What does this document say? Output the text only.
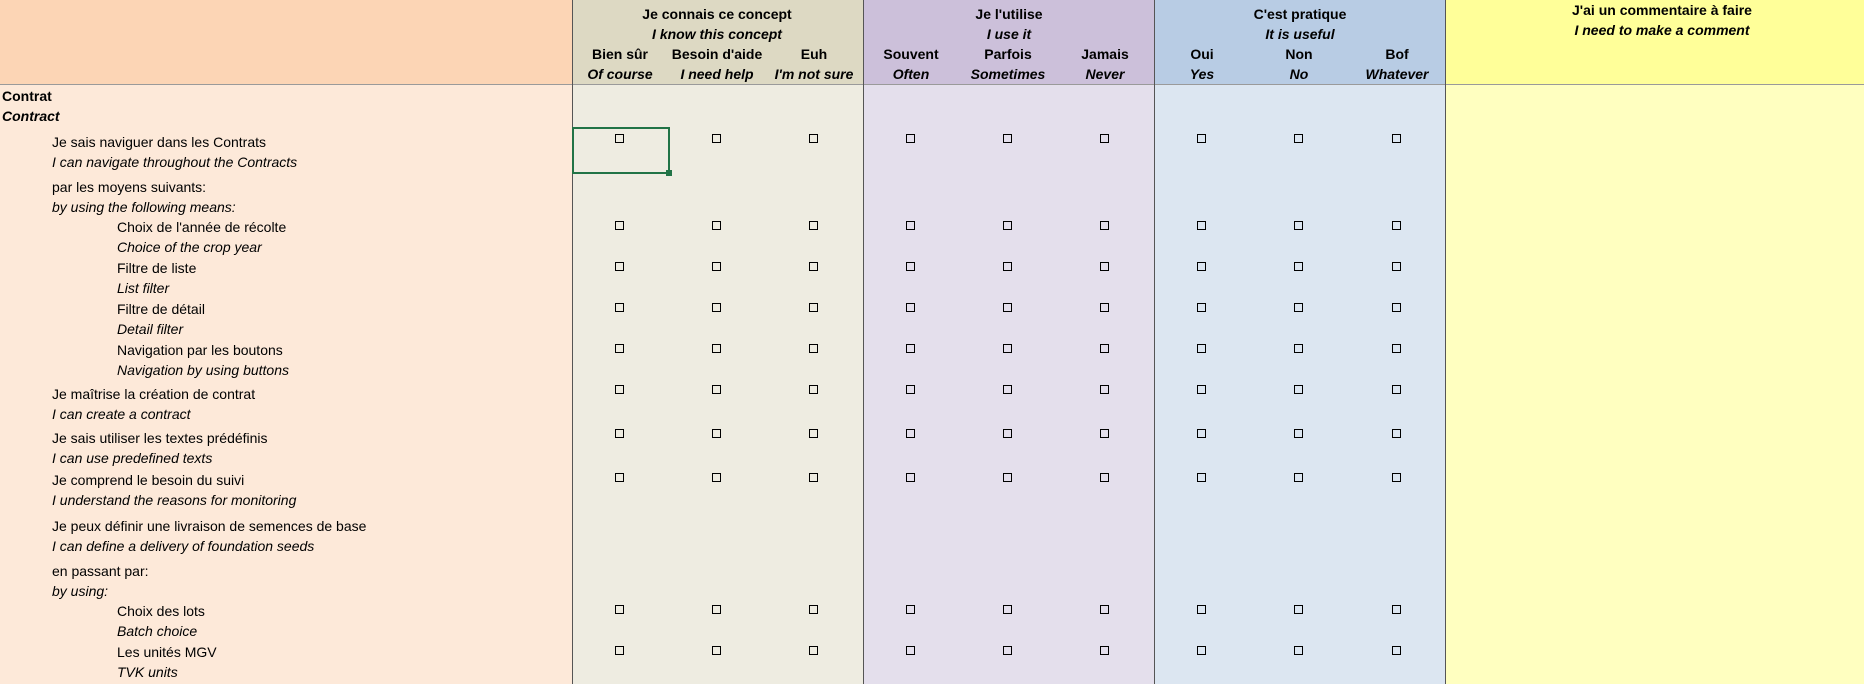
Je connais ce concept
I know this concept
Je l'utilise
I use it
C'est pratique
It is useful
J'ai un commentaire à faire
I need to make a comment
Bien sûr
Of course
Besoin d'aide
I need help
Euh
I'm not sure
Souvent
Often
Parfois
Sometimes
Jamais
Never
Oui
Yes
Non
No
Bof
Whatever
Contrat
Contract
Je sais naviguer dans les Contrats
I can navigate throughout the Contracts
par les moyens suivants:
by using the following means:
Choix de l'année de récolte
Choice of the crop year
Filtre de liste
List filter
Filtre de détail
Detail filter
Navigation par les boutons
Navigation by using buttons
Je maîtrise la création de contrat
I can create a contract
Je sais utiliser les textes prédéfinis
I can use predefined texts
Je comprend le besoin du suivi
I understand the reasons for monitoring
Je peux définir une livraison de semences de base
I can define a delivery of foundation seeds
en passant par:
by using:
Choix des lots
Batch choice
Les unités MGV
TVK units
